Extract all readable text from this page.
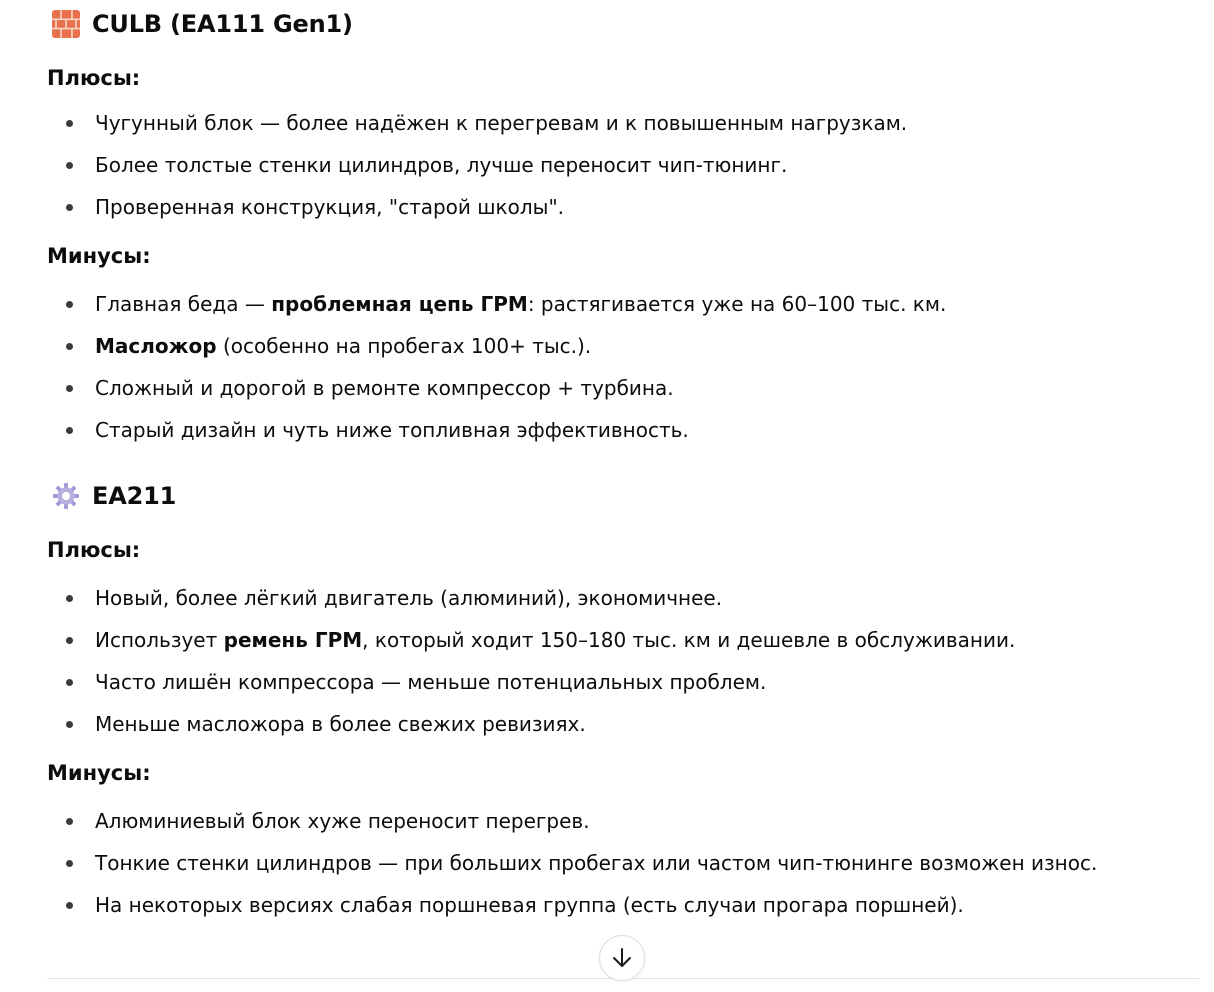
CULB (EA111 Gen1)
Плюсы:
Чугунный блок — более надёжен к перегревам и к повышенным нагрузкам.
Более толстые стенки цилиндров, лучше переносит чип-тюнинг.
Проверенная конструкция, "старой школы".
Минусы:
Главная беда — проблемная цепь ГРМ: растягивается уже на 60–100 тыс. км.
Масложор (особенно на пробегах 100+ тыс.).
Сложный и дорогой в ремонте компрессор + турбина.
Старый дизайн и чуть ниже топливная эффективность.
EA211
Плюсы:
Новый, более лёгкий двигатель (алюминий), экономичнее.
Использует ремень ГРМ, который ходит 150–180 тыс. км и дешевле в обслуживании.
Часто лишён компрессора — меньше потенциальных проблем.
Меньше масложора в более свежих ревизиях.
Минусы:
Алюминиевый блок хуже переносит перегрев.
Тонкие стенки цилиндров — при больших пробегах или частом чип-тюнинге возможен износ.
На некоторых версиях слабая поршневая группа (есть случаи прогара поршней).
